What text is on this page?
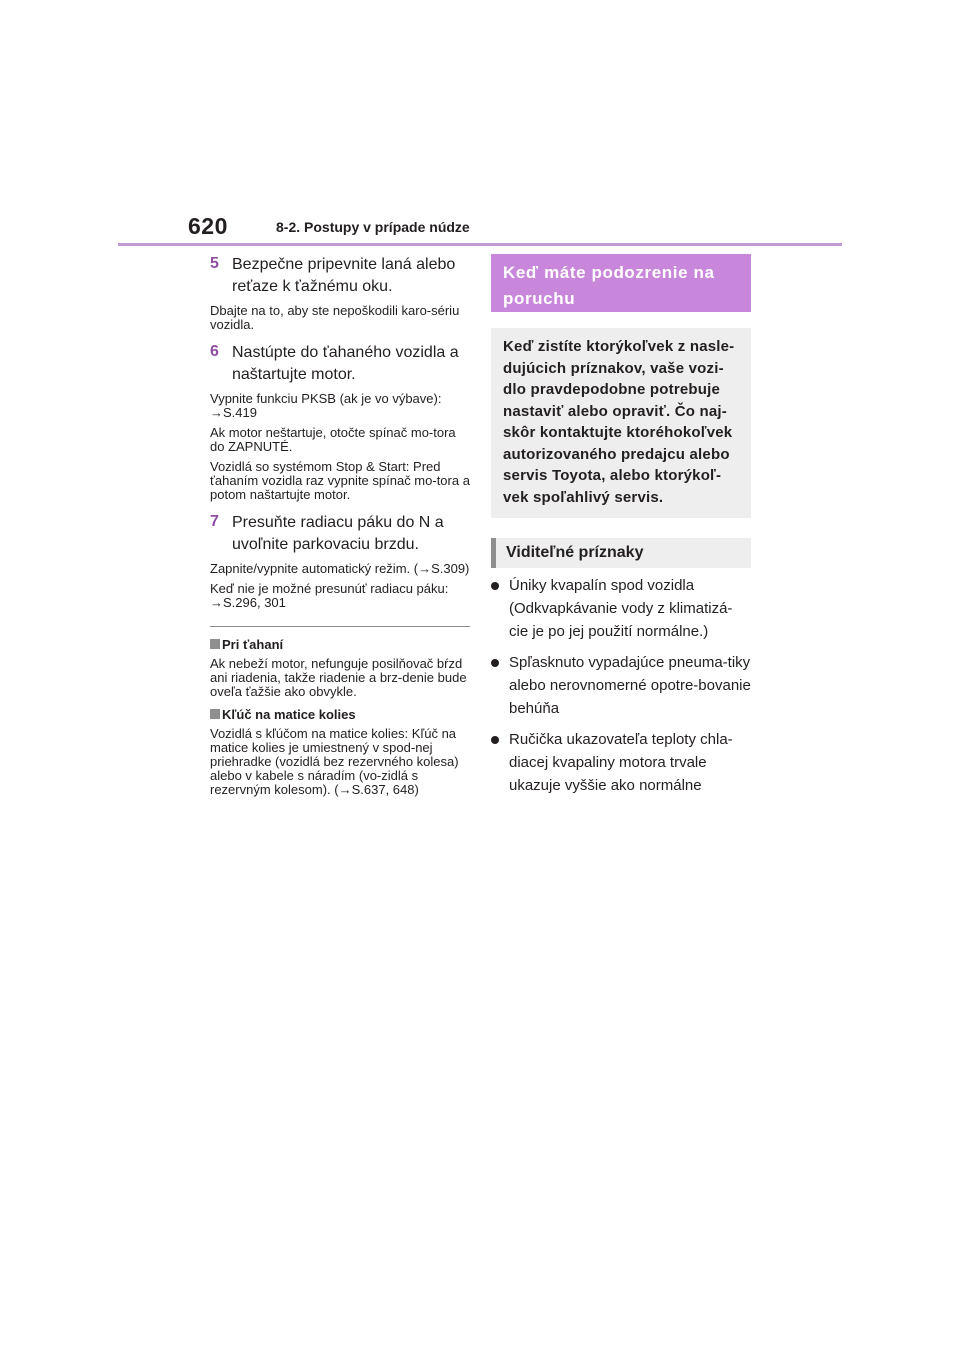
620	8-2. Postupy v prípade núdze
5 Bezpečne pripevnite laná alebo reťaze k ťažnému oku.

Dbajte na to, aby ste nepoškodili karo-sériu vozidla.

6 Nastúpte do ťahaného vozidla a naštartujte motor.

Vypnite funkciu PKSB (ak je vo výbave): →S.419

Ak motor neštartuje, otočte spínač mo-tora do ZAPNUTÉ.

Vozidlá so systémom Stop & Start: Pred ťahaním vozidla raz vypnite spínač mo-tora a potom naštartujte motor.

7 Presuňte radiacu páku do N a uvoľnite parkovaciu brzdu.

Zapnite/vypnite automatický režim. (→S.309)

Keď nie je možné presunúť radiacu páku: →S.296, 301

Pri ťahaní
Ak nebeží motor, nefunguje posilňovač bŕzd ani riadenia, takže riadenie a brz-denie bude oveľa ťažšie ako obvykle.
Kľúč na matice kolies
Vozidlá s kľúčom na matice kolies: Kľúč na matice kolies je umiestnený v spod-nej priehradke (vozidlá bez rezervného kolesa) alebo v kabele s náradím (vo-zidlá s rezervným kolesom). (→S.637, 648)
Keď máte podozrenie na poruchu
Keď zistíte ktorýkoľvek z nasle-dujúcich príznakov, vaše vozi-dlo pravdepodobne potrebuje nastaviť alebo opraviť. Čo naj-skôr kontaktujte ktoréhokoľvek autorizovaného predajcu alebo servis Toyota, alebo ktorýkoľ-vek spoľahlivý servis.
Viditeľné príznaky
Úniky kvapalín spod vozidla (Odkvapkávanie vody z klimatizá-cie je po jej použití normálne.)
Spľasknuto vypadajúce pneuma-tiky alebo nerovnomerné opotre-bovanie behúňa
Ručička ukazovateľa teploty chla-diacej kvapaliny motora trvale ukazuje vyššie ako normálne
